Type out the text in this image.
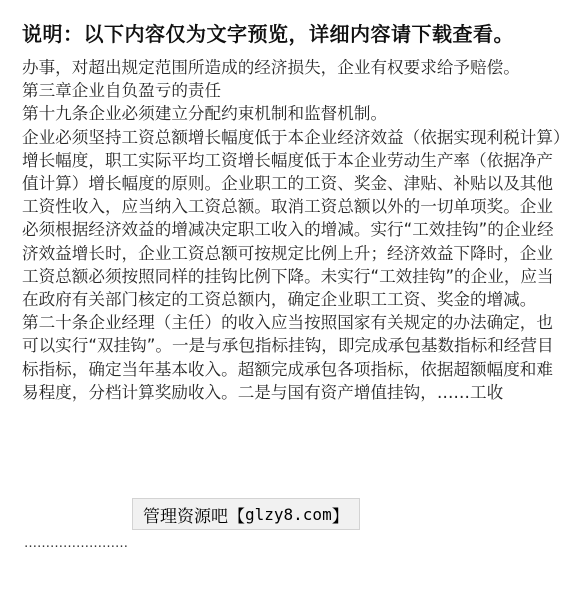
说明：以下内容仅为文字预览，详细内容请下载查看。

办事，对超出规定范围所造成的经济损失，企业有权要求给予赔偿。

第三章企业自负盈亏的责任

第十九条企业必须建立分配约束机制和监督机制。

企业必须坚持工资总额增长幅度低于本企业经济效益（依据实现利税计算）增长幅度，职工实际平均工资增长幅度低于本企业劳动生产率（依据净产值计算）增长幅度的原则。企业职工的工资、奖金、津贴、补贴以及其他工资性收入，应当纳入工资总额。取消工资总额以外的一切单项奖。企业必须根据经济效益的增减决定职工收入的增减。实行“工效挂钩”的企业经济效益增长时，企业工资总额可按规定比例上升；经济效益下降时，企业工资总额必须按照同样的挂钩比例下降。未实行“工效挂钩”的企业，应当在政府有关部门核定的工资总额内，确定企业职工工资、奖金的增减。

第二十条企业经理（主任）的收入应当按照国家有关规定的办法确定，也可以实行“双挂钩”。一是与承包指标挂钩，即完成承包基数指标和经营目标指标，确定当年基本收入。超额完成承包各项指标，依据超额幅度和难易程度，分档计算奖励收入。二是与国有资产增值挂钩，……工收

……………………
管理资源吧 【 glzy8.com 】
